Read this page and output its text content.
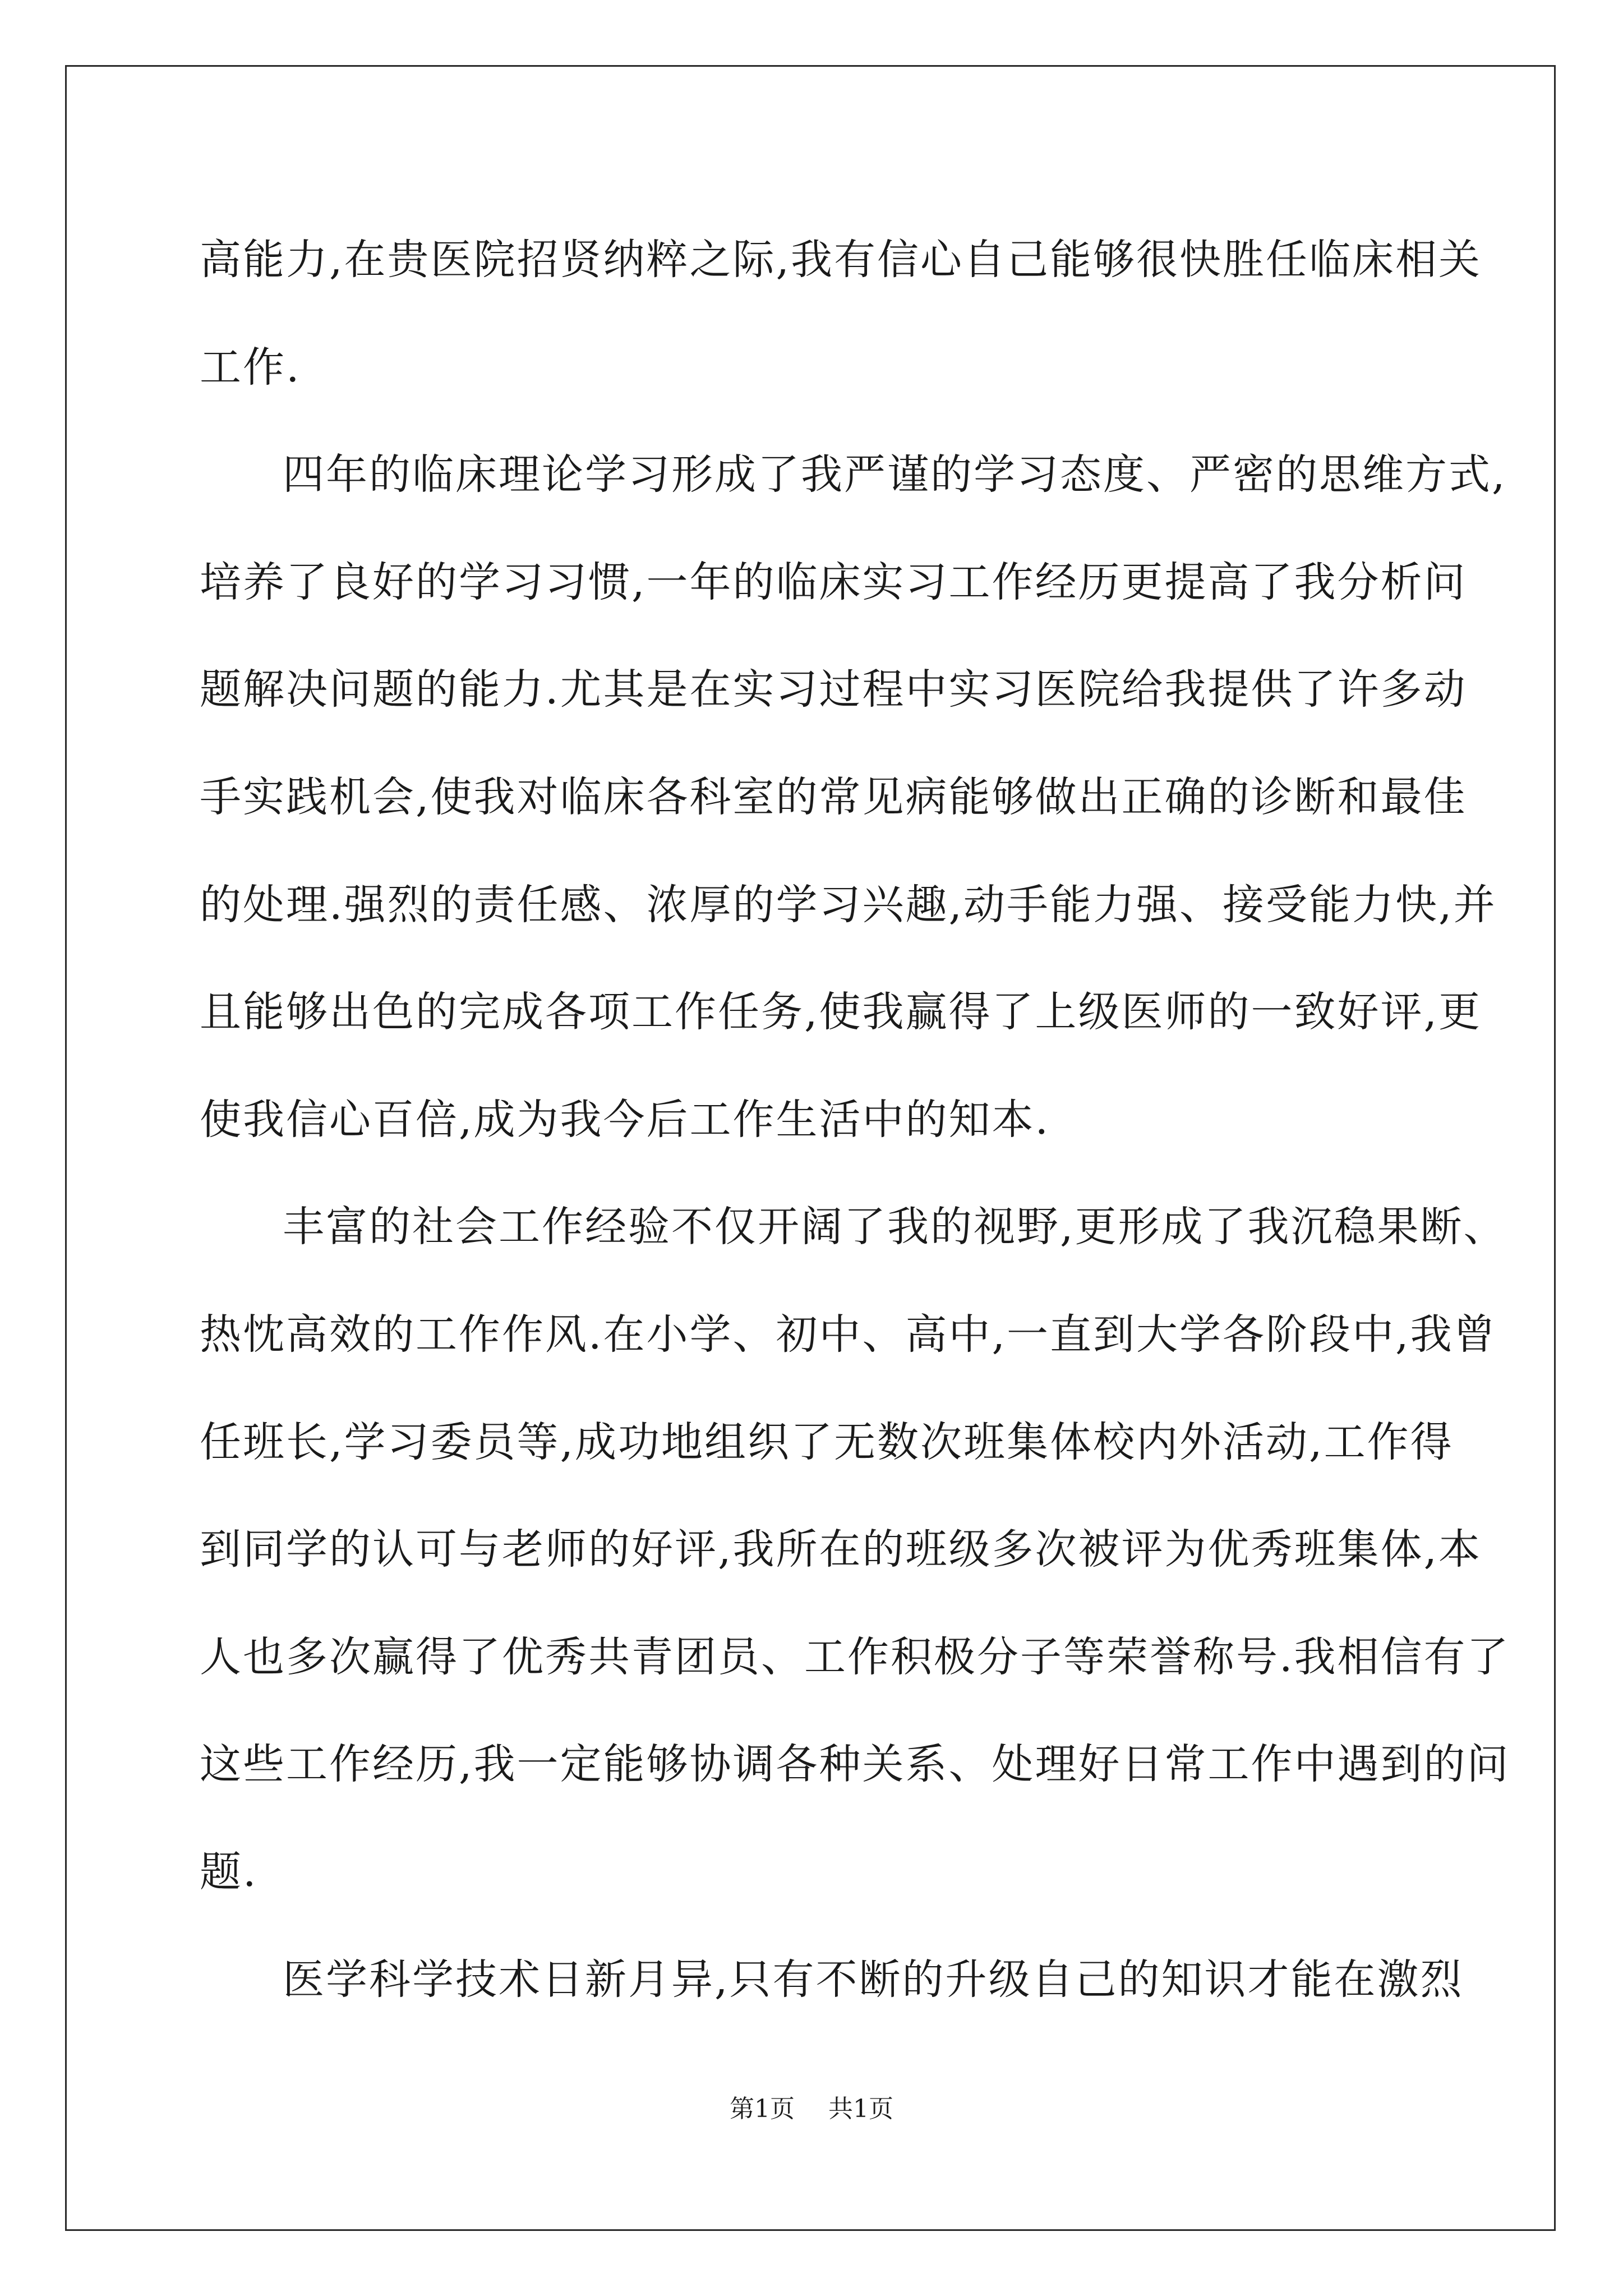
高能力,在贵医院招贤纳粹之际,我有信心自己能够很快胜任临床相关
工作.
四年的临床理论学习形成了我严谨的学习态度、严密的思维方式,
培养了良好的学习习惯,一年的临床实习工作经历更提高了我分析问
题解决问题的能力.尤其是在实习过程中实习医院给我提供了许多动
手实践机会,使我对临床各科室的常见病能够做出正确的诊断和最佳
的处理.强烈的责任感、浓厚的学习兴趣,动手能力强、接受能力快,并
且能够出色的完成各项工作任务,使我赢得了上级医师的一致好评,更
使我信心百倍,成为我今后工作生活中的知本.
丰富的社会工作经验不仅开阔了我的视野,更形成了我沉稳果断、
热忱高效的工作作风.在小学、初中、高中,一直到大学各阶段中,我曾
任班长,学习委员等,成功地组织了无数次班集体校内外活动,工作得
到同学的认可与老师的好评,我所在的班级多次被评为优秀班集体,本
人也多次赢得了优秀共青团员、工作积极分子等荣誉称号.我相信有了
这些工作经历,我一定能够协调各种关系、处理好日常工作中遇到的问
题.
医学科学技术日新月异,只有不断的升级自己的知识才能在激烈
第1页 共1页
